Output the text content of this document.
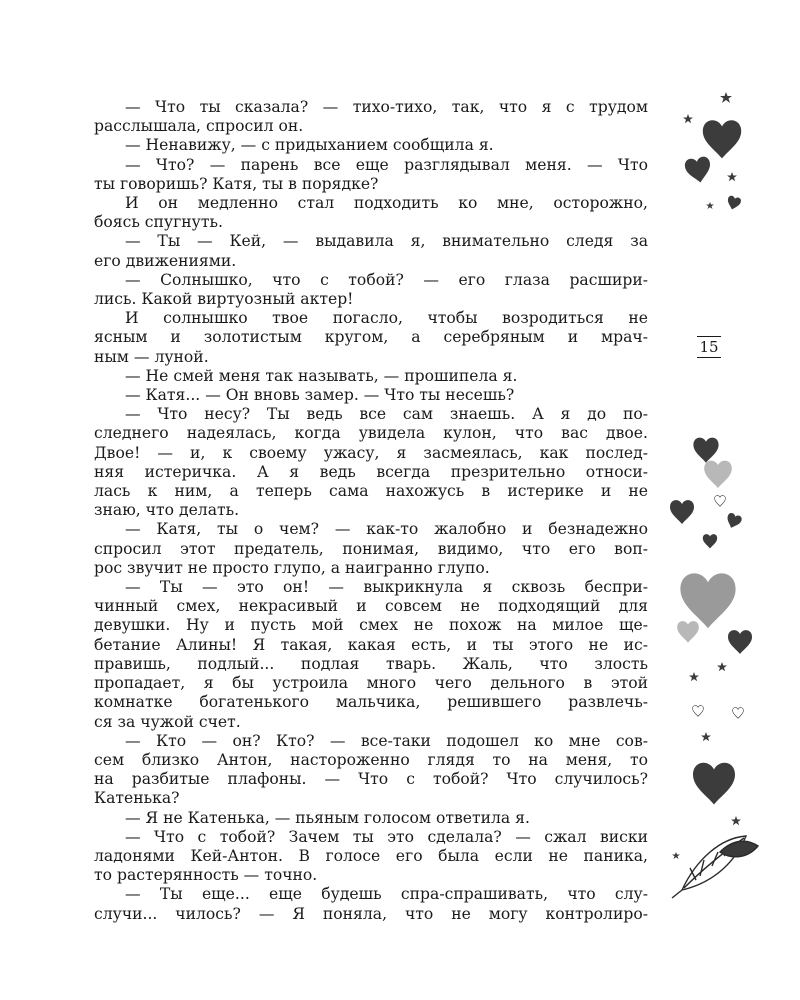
— Что ты сказала? — тихо-тихо, так, что я с трудом

расслышала, спросил он.

— Ненавижу, — с придыханием сообщила я.

— Что? — парень все еще разглядывал меня. — Что

ты говоришь? Катя, ты в порядке?

И он медленно стал подходить ко мне, осторожно,

боясь спугнуть.

— Ты — Кей, — выдавила я, внимательно следя за

его движениями.

— Солнышко, что с тобой? — его глаза расшири-

лись. Какой виртуозный актер!

И солнышко твое погасло, чтобы возродиться не

ясным и золотистым кругом, а серебряным и мрач-

ным — луной.

— Не смей меня так называть, — прошипела я.

— Катя... — Он вновь замер. — Что ты несешь?

— Что несу? Ты ведь все сам знаешь. А я до по-

следнего надеялась, когда увидела кулон, что вас двое.

Двое! — и, к своему ужасу, я засмеялась, как послед-

няя истеричка. А я ведь всегда презрительно относи-

лась к ним, а теперь сама нахожусь в истерике и не

знаю, что делать.

— Катя, ты о чем? — как-то жалобно и безнадежно

спросил этот предатель, понимая, видимо, что его воп-

рос звучит не просто глупо, а наигранно глупо.

— Ты — это он! — выкрикнула я сквозь беспри-

чинный смех, некрасивый и совсем не подходящий для

девушки. Ну и пусть мой смех не похож на милое ще-

бетание Алины! Я такая, какая есть, и ты этого не ис-

правишь, подлый... подлая тварь. Жаль, что злость

пропадает, я бы устроила много чего дельного в этой

комнатке богатенького мальчика, решившего развлечь-

ся за чужой счет.

— Кто — он? Кто? — все-таки подошел ко мне сов-

сем близко Антон, настороженно глядя то на меня, то

на разбитые плафоны. — Что с тобой? Что случилось?

Катенька?

— Я не Катенька, — пьяным голосом ответила я.

— Что с тобой? Зачем ты это сделала? — сжал виски

ладонями Кей-Антон. В голосе его была если не паника,

то растерянность — точно.

— Ты еще... еще будешь спра-спрашивать, что слу-

случи... чилось? — Я поняла, что не могу контролиро-

15
